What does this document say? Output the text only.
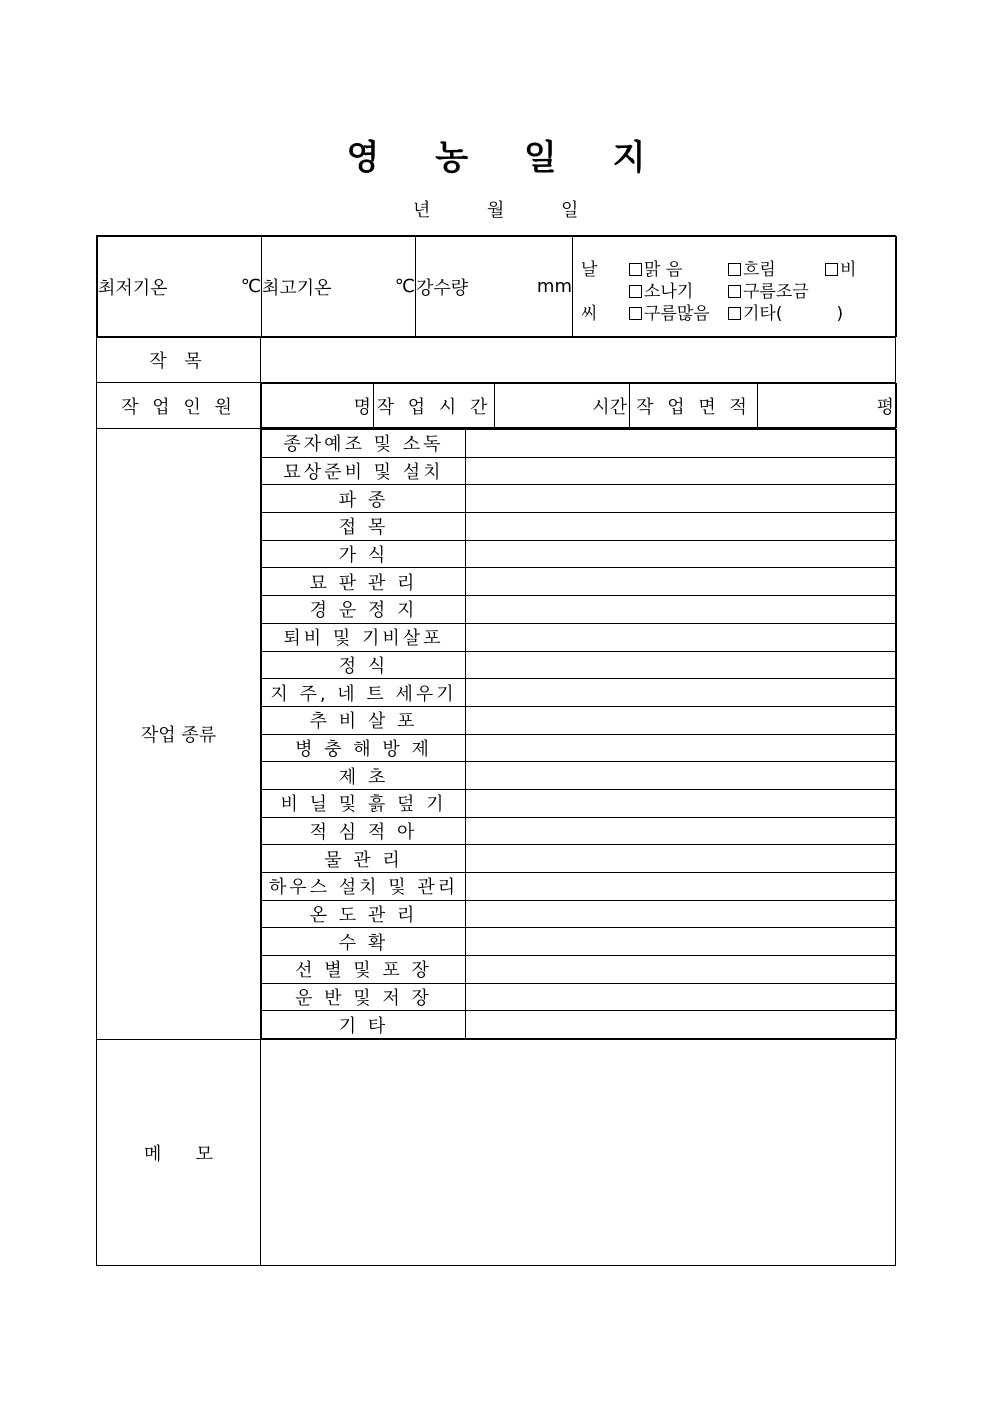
영 농 일 지
년	월	일
최저기온	℃	최고기온	℃	강수량	mm

날
씨
맑 음	흐림	비
소나기	구름조금
구름많음	기타(          )

작 목	
작 업 인 원		명	작 업 시 간	시간	작 업 면 적	평

작업 종류	
종자예조 및 소독	
묘상준비 및 설치	
파 종	
접 목	
가 식	
묘 판 관 리	
경 운 정 지	
퇴비 및 기비살포	
정 식	
지 주, 네 트 세우기	
추 비 살 포	
병 충 해 방 제	
제 초	
비 닐 및 흙 덮 기	
적 심 적 아	
물 관 리	
하우스 설치 및 관리	
온 도 관 리	
수 확	
선 별 및 포 장	
운 반 및 저 장	
기 타	

메      모	
